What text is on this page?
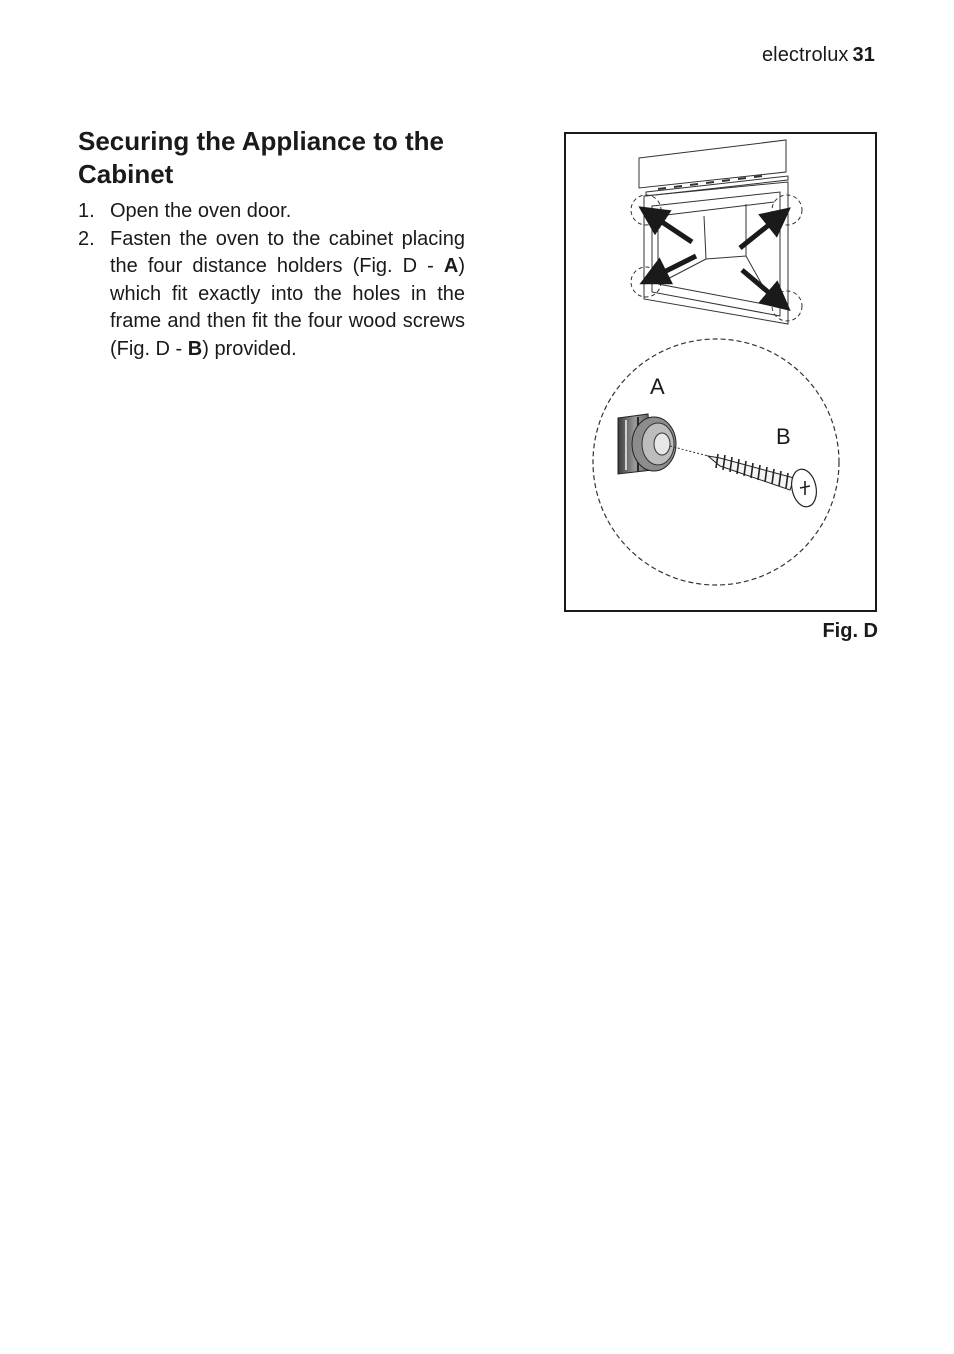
electrolux 31
Securing the Appliance to the Cabinet
1. Open the oven door.
2. Fasten the oven to the cabinet placing the four distance holders (Fig. D - A) which fit exactly into the holes in the frame and then fit the four wood screws (Fig. D - B) provided.
A
B
Fig. D
